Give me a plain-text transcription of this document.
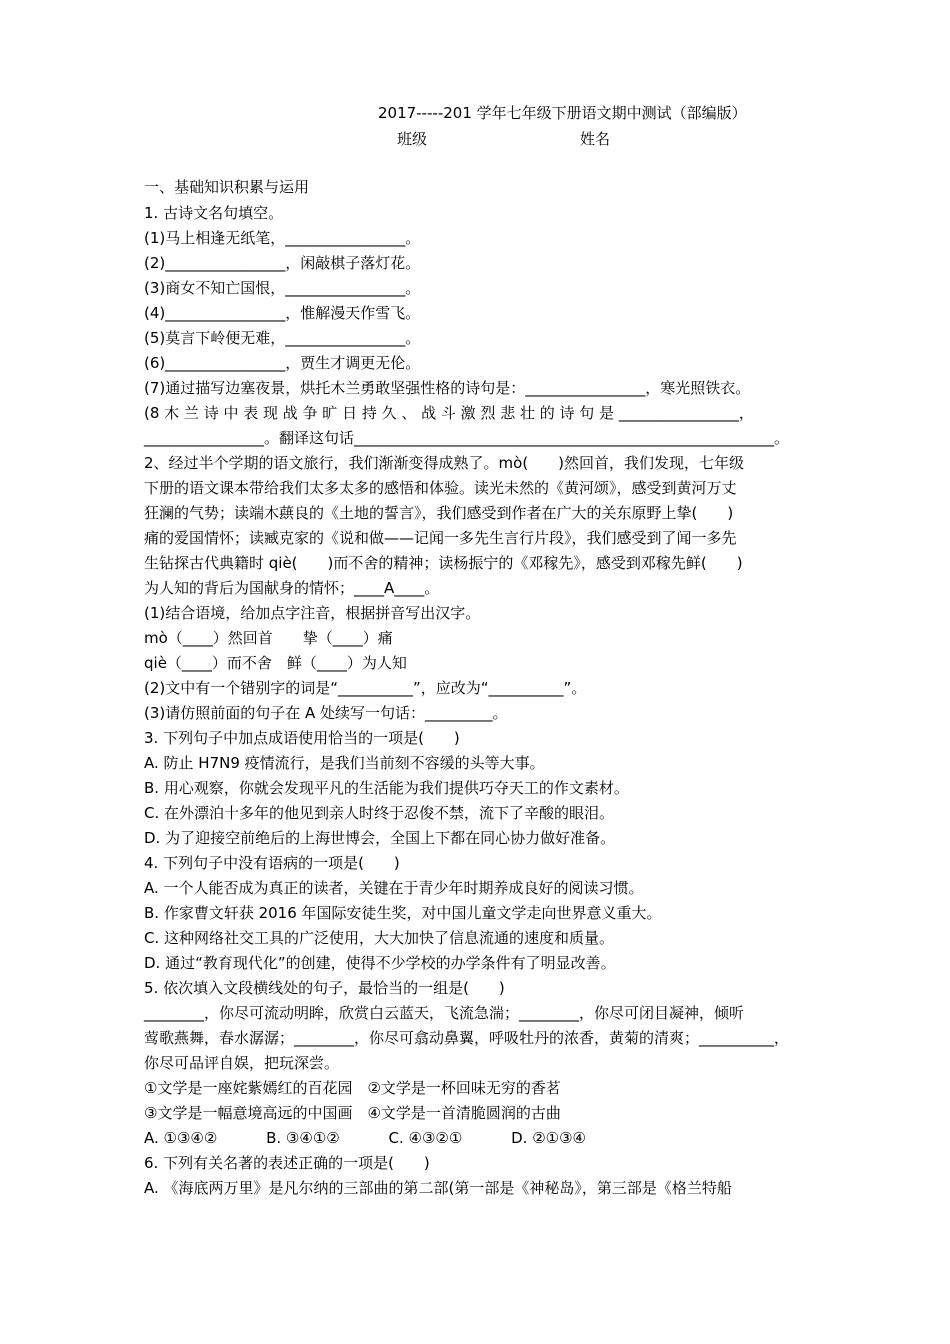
2017-----201 学年七年级下册语文期中测试（部编版）
班级	姓名
一、基础知识积累与运用
1. 古诗文名句填空。
(1)马上相逢无纸笔，________________。
(2)________________，闲敲棋子落灯花。
(3)商女不知亡国恨，________________。
(4)________________，惟解漫天作雪飞。
(5)莫言下岭便无难，________________。
(6)________________，贾生才调更无伦。
(7)通过描写边塞夜景，烘托木兰勇敢坚强性格的诗句是：________________，寒光照铁衣。
(8 木 兰 诗 中 表 现 战 争 旷 日 持 久 、 战 斗 激 烈 悲 壮 的 诗 句 是 ________________，
________________。翻译这句话________________________________________________________。
2、经过半个学期的语文旅行，我们渐渐变得成熟了。mò(　　)然回首，我们发现，七年级
下册的语文课本带给我们太多太多的感悟和体验。读光未然的《黄河颂》，感受到黄河万丈
狂澜的气势；读端木蕻良的《土地的誓言》，我们感受到作者在广大的关东原野上挚(　　)
痛的爱国情怀；读臧克家的《说和做——记闻一多先生言行片段》，我们感受到了闻一多先
生钻探古代典籍时 qiè(　　)而不舍的精神；读杨振宁的《邓稼先》，感受到邓稼先鲜(　　)
为人知的背后为国献身的情怀；____A____。
(1)结合语境，给加点字注音，根据拼音写出汉字。
mò（____）然回首　　挚（____）痛
qiè（____）而不舍　鲜（____）为人知
(2)文中有一个错别字的词是“__________”，应改为“__________”。
(3)请仿照前面的句子在 A 处续写一句话：_________。
3. 下列句子中加点成语使用恰当的一项是(　　)
A. 防止 H7N9 疫情流行，是我们当前刻不容缓的头等大事。
B. 用心观察，你就会发现平凡的生活能为我们提供巧夺天工的作文素材。
C. 在外漂泊十多年的他见到亲人时终于忍俊不禁，流下了辛酸的眼泪。
D. 为了迎接空前绝后的上海世博会，全国上下都在同心协力做好准备。
4. 下列句子中没有语病的一项是(　　)
A. 一个人能否成为真正的读者，关键在于青少年时期养成良好的阅读习惯。
B. 作家曹文轩获 2016 年国际安徒生奖，对中国儿童文学走向世界意义重大。
C. 这种网络社交工具的广泛使用，大大加快了信息流通的速度和质量。
D. 通过“教育现代化”的创建，使得不少学校的办学条件有了明显改善。
5. 依次填入文段横线处的句子，最恰当的一组是(　　)
________，你尽可流动明眸，欣赏白云蓝天，飞流急湍；________，你尽可闭目凝神，倾听
莺歌燕舞，春水潺潺；________，你尽可翕动鼻翼，呼吸牡丹的浓香，黄菊的清爽；__________，
你尽可品评自娱，把玩深尝。
①文学是一座姹紫嫣红的百花园　②文学是一杯回味无穷的香茗
③文学是一幅意境高远的中国画　④文学是一首清脆圆润的古曲
A. ①③④②	B. ③④①②	C. ④③②①	D. ②①③④
6. 下列有关名著的表述正确的一项是(　　)
A. 《海底两万里》是凡尔纳的三部曲的第二部(第一部是《神秘岛》，第三部是《格兰特船
